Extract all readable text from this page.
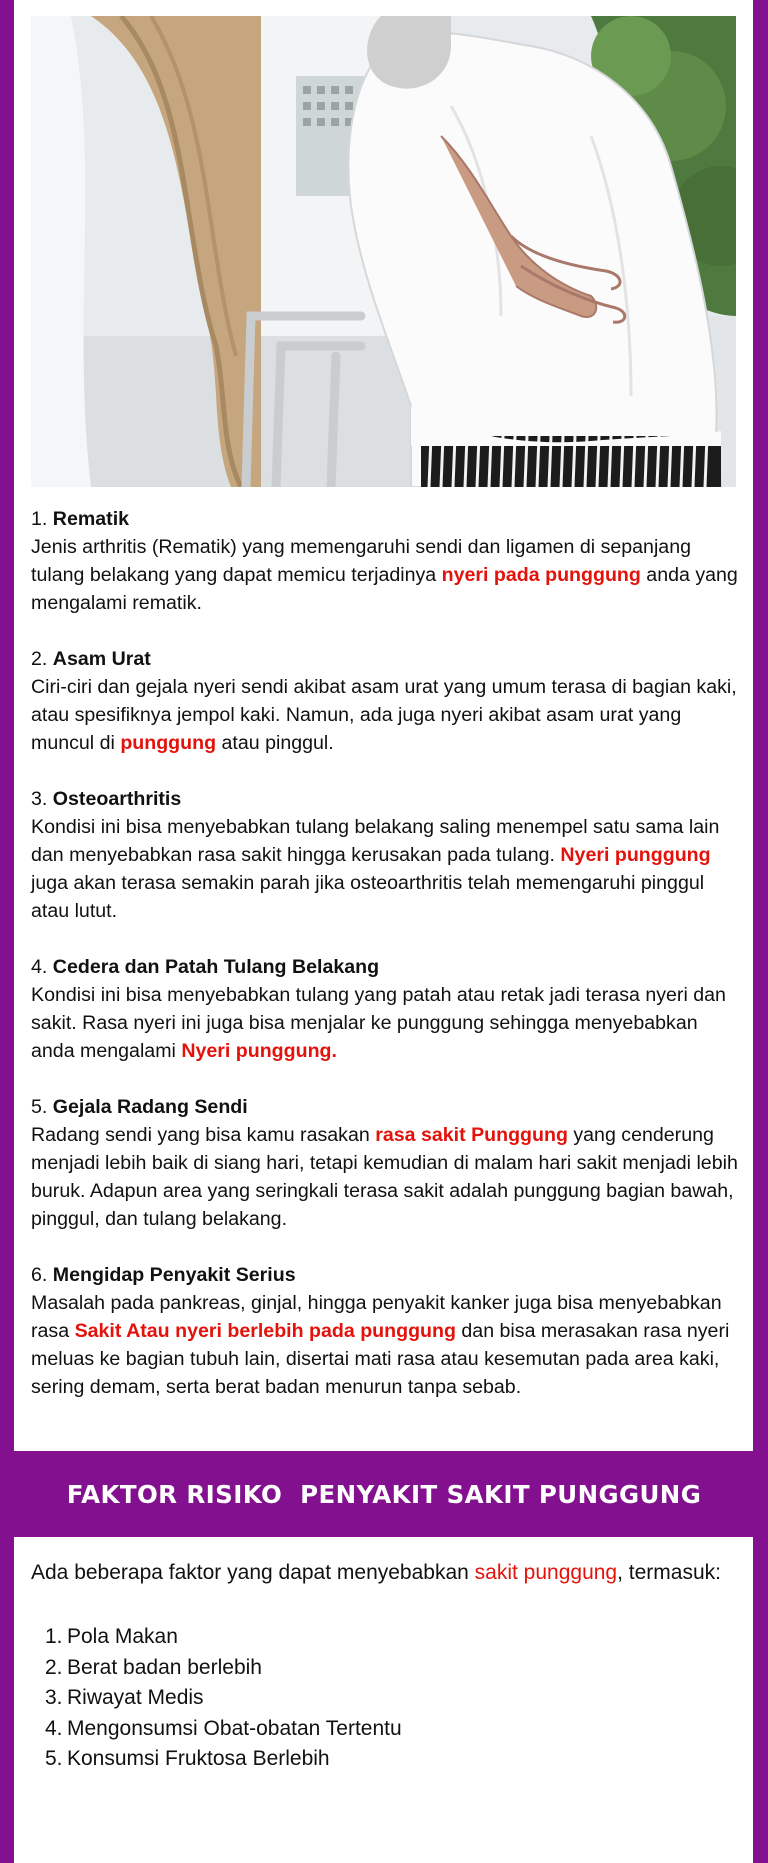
1. Rematik
Jenis arthritis (Rematik) yang memengaruhi sendi dan ligamen di sepanjang tulang belakang yang dapat memicu terjadinya nyeri pada punggung anda yang mengalami rematik.
2. Asam Urat
Ciri-ciri dan gejala nyeri sendi akibat asam urat yang umum terasa di bagian kaki, atau spesifiknya jempol kaki. Namun, ada juga nyeri akibat asam urat yang muncul di punggung atau pinggul.
3. Osteoarthritis
Kondisi ini bisa menyebabkan tulang belakang saling menempel satu sama lain dan menyebabkan rasa sakit hingga kerusakan pada tulang. Nyeri punggung juga akan terasa semakin parah jika osteoarthritis telah memengaruhi pinggul atau lutut.
4. Cedera dan Patah Tulang Belakang
Kondisi ini bisa menyebabkan tulang yang patah atau retak jadi terasa nyeri dan sakit. Rasa nyeri ini juga bisa menjalar ke punggung sehingga menyebabkan anda mengalami Nyeri punggung.
5. Gejala Radang Sendi
Radang sendi yang bisa kamu rasakan rasa sakit Punggung yang cenderung menjadi lebih baik di siang hari, tetapi kemudian di malam hari sakit menjadi lebih buruk. Adapun area yang seringkali terasa sakit adalah punggung bagian bawah, pinggul, dan tulang belakang.
6. Mengidap Penyakit Serius
Masalah pada pankreas, ginjal, hingga penyakit kanker juga bisa menyebabkan rasa Sakit Atau nyeri berlebih pada punggung dan bisa merasakan rasa nyeri meluas ke bagian tubuh lain, disertai mati rasa atau kesemutan pada area kaki, sering demam, serta berat badan menurun tanpa sebab.
FAKTOR RISIKO  PENYAKIT SAKIT PUNGGUNG
Ada beberapa faktor yang dapat menyebabkan sakit punggung, termasuk:
1. Pola Makan
2. Berat badan berlebih
3. Riwayat Medis
4. Mengonsumsi Obat-obatan Tertentu
5. Konsumsi Fruktosa Berlebih
